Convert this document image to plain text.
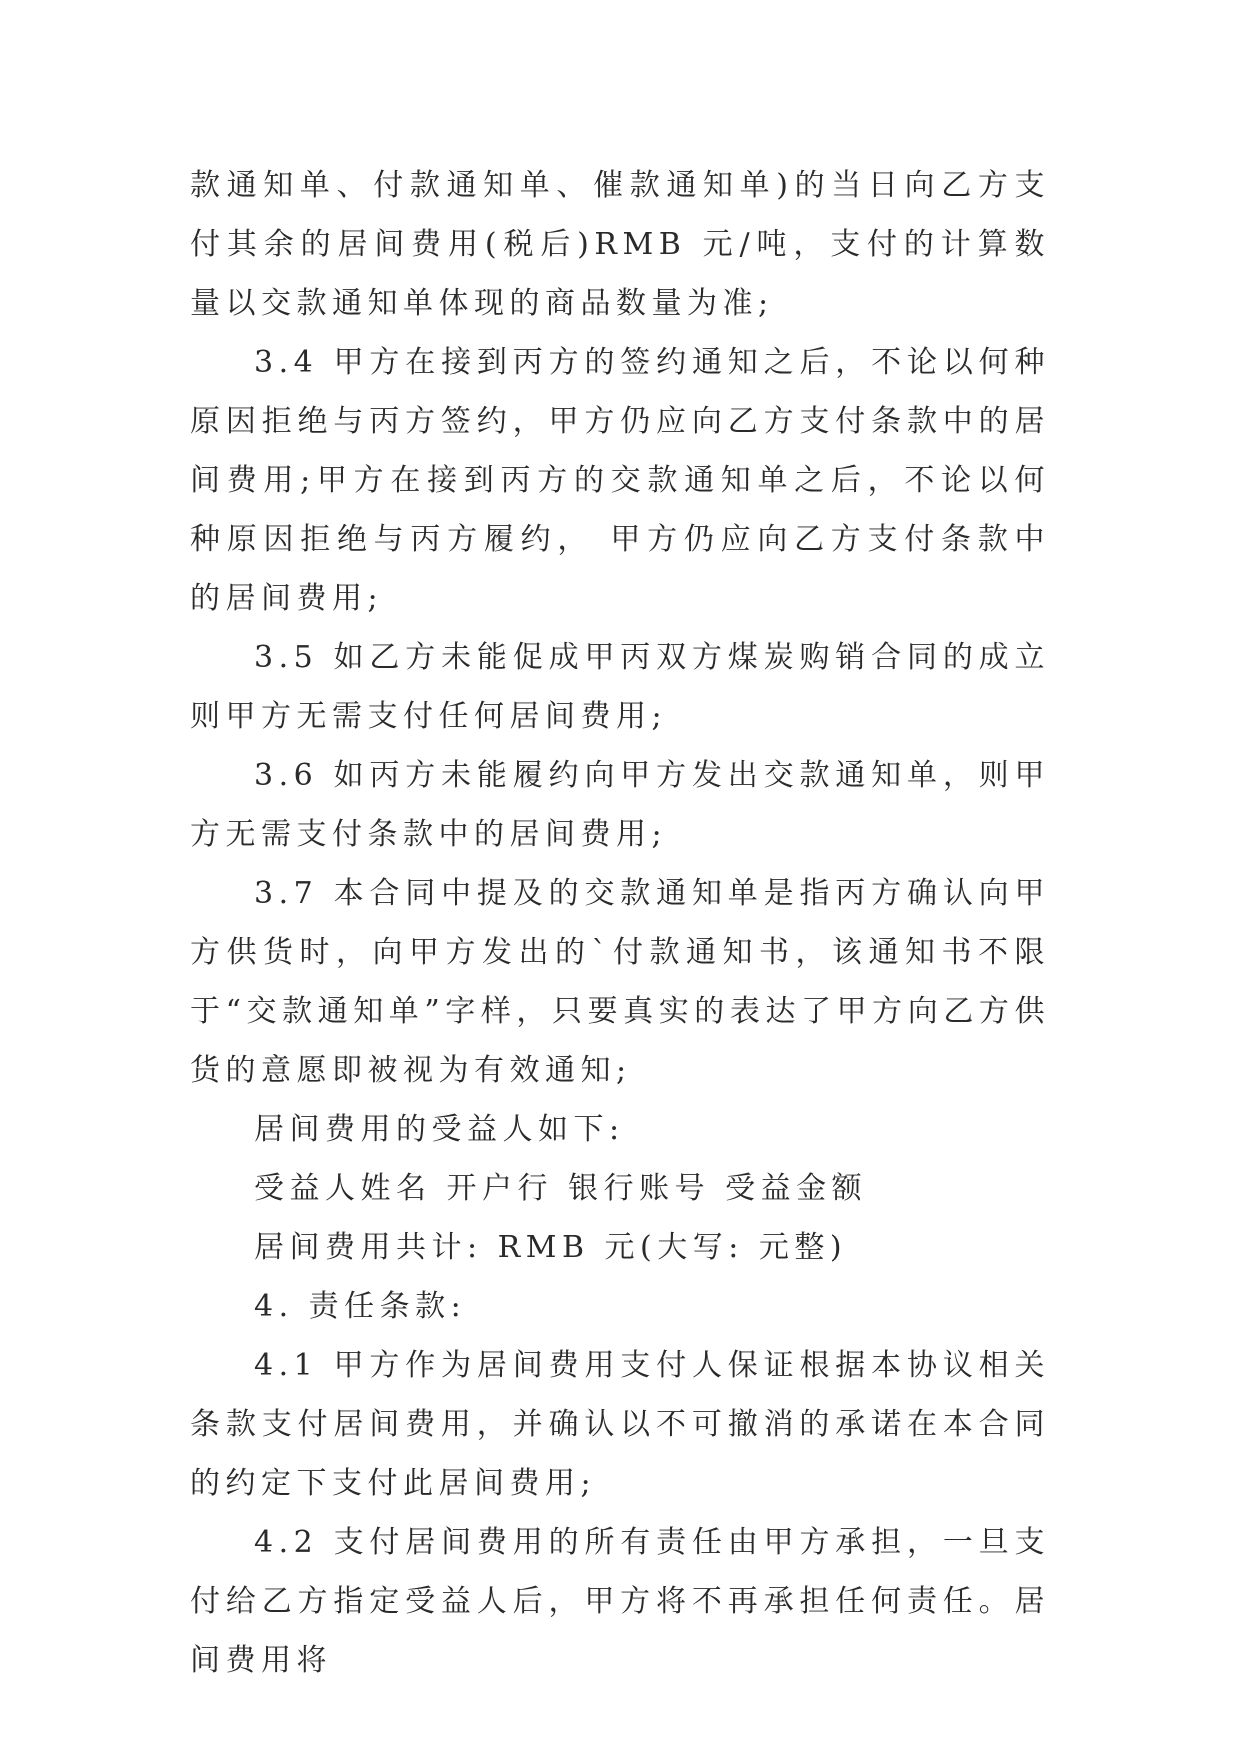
款通知单、付款通知单、催款通知单)的当日向乙方支付其余的居间费用(税后)RMB 元/吨，支付的计算数量以交款通知单体现的商品数量为准;

3.4 甲方在接到丙方的签约通知之后，不论以何种原因拒绝与丙方签约，甲方仍应向乙方支付条款中的居间费用;甲方在接到丙方的交款通知单之后，不论以何种原因拒绝与丙方履约， 甲方仍应向乙方支付条款中的居间费用;

3.5 如乙方未能促成甲丙双方煤炭购销合同的成立则甲方无需支付任何居间费用;

3.6 如丙方未能履约向甲方发出交款通知单，则甲方无需支付条款中的居间费用;

3.7 本合同中提及的交款通知单是指丙方确认向甲方供货时，向甲方发出的`付款通知书，该通知书不限于“交款通知单”字样，只要真实的表达了甲方向乙方供货的意愿即被视为有效通知;

居间费用的受益人如下:

受益人姓名 开户行 银行账号 受益金额

居间费用共计: RMB 元(大写: 元整)

4. 责任条款:

4.1 甲方作为居间费用支付人保证根据本协议相关条款支付居间费用，并确认以不可撤消的承诺在本合同的约定下支付此居间费用;

4.2 支付居间费用的所有责任由甲方承担，一旦支付给乙方指定受益人后，甲方将不再承担任何责任。居间费用将
